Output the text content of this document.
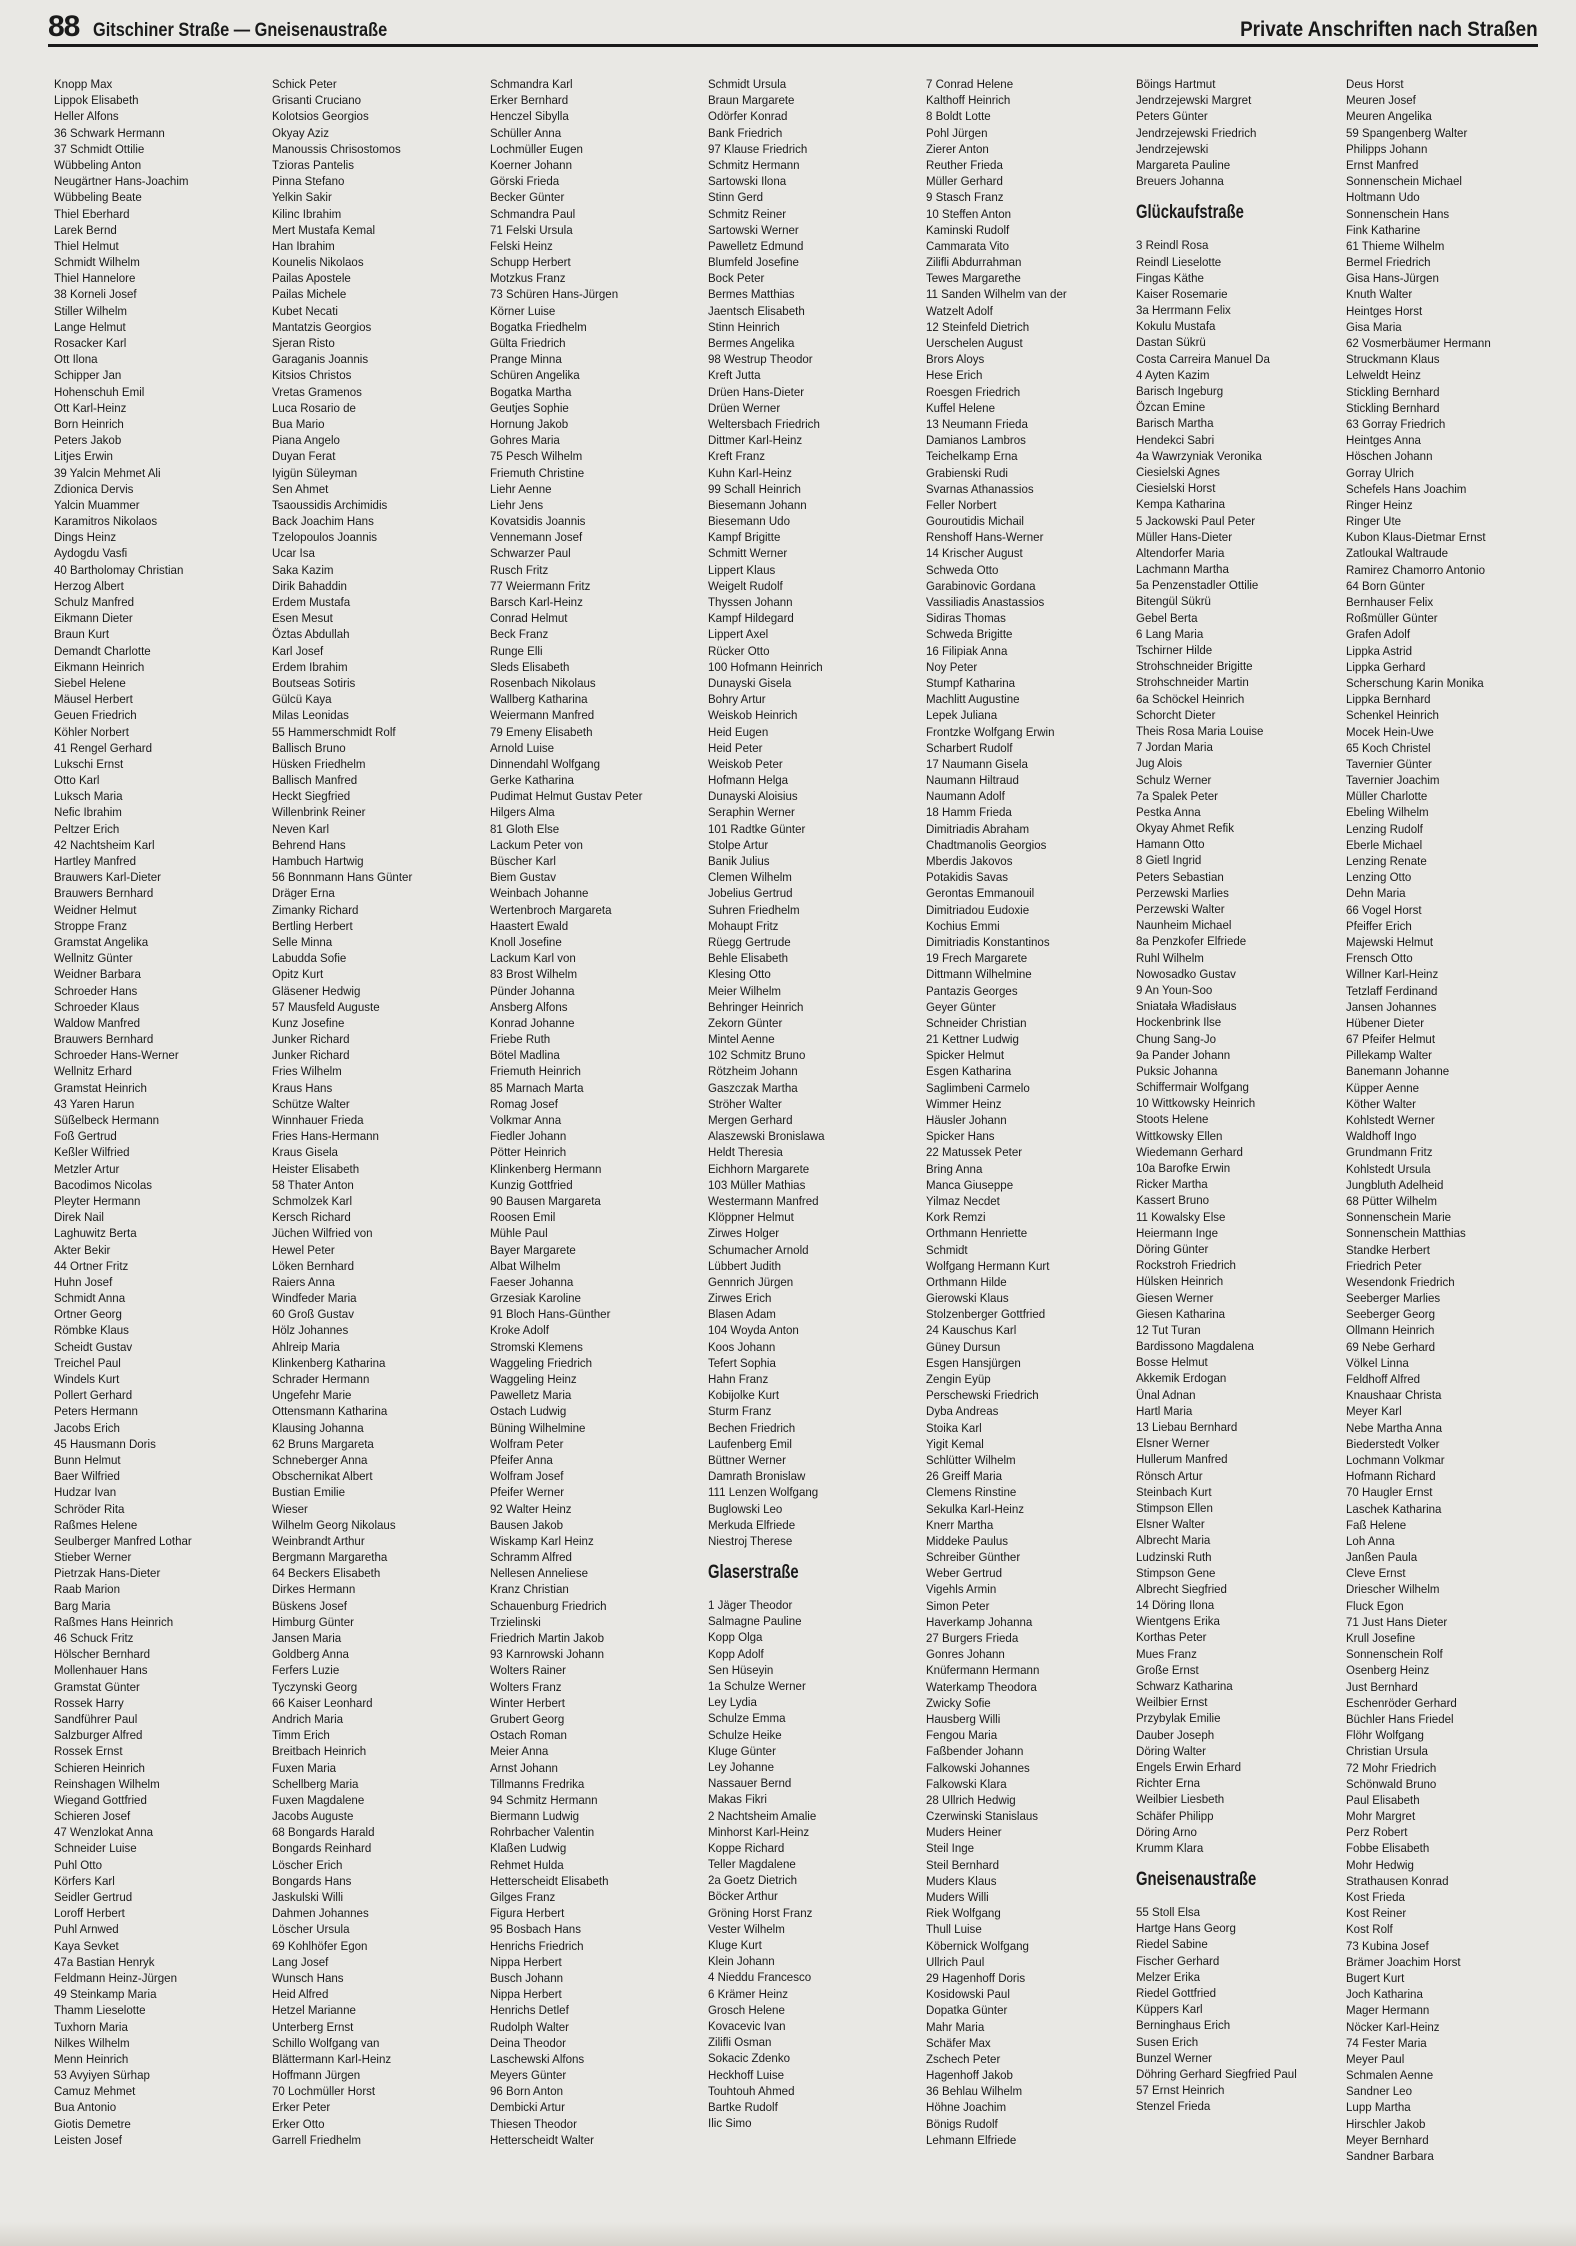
88 Gitschiner Straße — Gneisenaustraße	Private Anschriften nach Straßen
Knopp Max
Lippok Elisabeth
Heller Alfons
36 Schwark Hermann
37 Schmidt Ottilie
Wübbeling Anton
Neugärtner Hans-Joachim
Wübbeling Beate
Thiel Eberhard
Larek Bernd
Thiel Helmut
Schmidt Wilhelm
Thiel Hannelore
38 Korneli Josef
Stiller Wilhelm
Lange Helmut
Rosacker Karl
Ott Ilona
Schipper Jan
Hohenschuh Emil
Ott Karl-Heinz
Born Heinrich
Peters Jakob
Litjes Erwin
39 Yalcin Mehmet Ali
Zdionica Dervis
Yalcin Muammer
Karamitros Nikolaos
Dings Heinz
Aydogdu Vasfi
40 Bartholomay Christian
Herzog Albert
Schulz Manfred
Eikmann Dieter
Braun Kurt
Demandt Charlotte
Eikmann Heinrich
Siebel Helene
Mäusel Herbert
Geuen Friedrich
Köhler Norbert
41 Rengel Gerhard
Lukschi Ernst
Otto Karl
Luksch Maria
Nefic Ibrahim
Peltzer Erich
42 Nachtsheim Karl
Hartley Manfred
Brauwers Karl-Dieter
Brauwers Bernhard
Weidner Helmut
Stroppe Franz
Gramstat Angelika
Wellnitz Günter
Weidner Barbara
Schroeder Hans
Schroeder Klaus
Waldow Manfred
Brauwers Bernhard
Schroeder Hans-Werner
Wellnitz Erhard
Gramstat Heinrich
43 Yaren Harun
Süßelbeck Hermann
Foß Gertrud
Keßler Wilfried
Metzler Artur
Bacodimos Nicolas
Pleyter Hermann
Direk Nail
Laghuwitz Berta
Akter Bekir
44 Ortner Fritz
Huhn Josef
Schmidt Anna
Ortner Georg
Römbke Klaus
Scheidt Gustav
Treichel Paul
Windels Kurt
Pollert Gerhard
Peters Hermann
Jacobs Erich
45 Hausmann Doris
Bunn Helmut
Baer Wilfried
Hudzar Ivan
Schröder Rita
Raßmes Helene
Seulberger Manfred Lothar
Stieber Werner
Pietrzak Hans-Dieter
Raab Marion
Barg Maria
Raßmes Hans Heinrich
46 Schuck Fritz
Hölscher Bernhard
Mollenhauer Hans
Gramstat Günter
Rossek Harry
Sandführer Paul
Salzburger Alfred
Rossek Ernst
Schieren Heinrich
Reinshagen Wilhelm
Wiegand Gottfried
Schieren Josef
47 Wenzlokat Anna
Schneider Luise
Puhl Otto
Körfers Karl
Seidler Gertrud
Loroff Herbert
Puhl Arnwed
Kaya Sevket
47a Bastian Henryk
Feldmann Heinz-Jürgen
49 Steinkamp Maria
Thamm Lieselotte
Tuxhorn Maria
Nilkes Wilhelm
Menn Heinrich
53 Avyiyen Sürhap
Camuz Mehmet
Bua Antonio
Giotis Demetre
Leisten Josef
Schick Peter
Grisanti Cruciano
Kolotsios Georgios
Okyay Aziz
Manoussis Chrisostomos
Tzioras Pantelis
Pinna Stefano
Yelkin Sakir
Kilinc Ibrahim
Mert Mustafa Kemal
Han Ibrahim
Kounelis Nikolaos
Pailas Apostele
Pailas Michele
Kubet Necati
Mantatzis Georgios
Sjeran Risto
Garaganis Joannis
Kitsios Christos
Vretas Gramenos
Luca Rosario de
Bua Mario
Piana Angelo
Duyan Ferat
Iyigün Süleyman
Sen Ahmet
Tsaoussidis Archimidis
Back Joachim Hans
Tzelopoulos Joannis
Ucar Isa
Saka Kazim
Dirik Bahaddin
Erdem Mustafa
Esen Mesut
Öztas Abdullah
Karl Josef
Erdem Ibrahim
Boutseas Sotiris
Gülcü Kaya
Milas Leonidas
55 Hammerschmidt Rolf
Ballisch Bruno
Hüsken Friedhelm
Ballisch Manfred
Heckt Siegfried
Willenbrink Reiner
Neven Karl
Behrend Hans
Hambuch Hartwig
56 Bonnmann Hans Günter
Dräger Erna
Zimanky Richard
Bertling Herbert
Selle Minna
Labudda Sofie
Opitz Kurt
Gläsener Hedwig
57 Mausfeld Auguste
Kunz Josefine
Junker Richard
Junker Richard
Fries Wilhelm
Kraus Hans
Schütze Walter
Winnhauer Frieda
Fries Hans-Hermann
Kraus Gisela
Heister Elisabeth
58 Thater Anton
Schmolzek Karl
Kersch Richard
Jüchen Wilfried von
Hewel Peter
Löken Bernhard
Raiers Anna
Windfeder Maria
60 Groß Gustav
Hölz Johannes
Ahlreip Maria
Klinkenberg Katharina
Schrader Hermann
Ungefehr Marie
Ottensmann Katharina
Klausing Johanna
62 Bruns Margareta
Schneberger Anna
Obschernikat Albert
Bustian Emilie
Wieser
Wilhelm Georg Nikolaus
Weinbrandt Arthur
Bergmann Margaretha
64 Beckers Elisabeth
Dirkes Hermann
Büskens Josef
Himburg Günter
Jansen Maria
Goldberg Anna
Ferfers Luzie
Tyczynski Georg
66 Kaiser Leonhard
Andrich Maria
Timm Erich
Breitbach Heinrich
Fuxen Maria
Schellberg Maria
Fuxen Magdalene
Jacobs Auguste
68 Bongards Harald
Bongards Reinhard
Löscher Erich
Bongards Hans
Jaskulski Willi
Dahmen Johannes
Löscher Ursula
69 Kohlhöfer Egon
Lang Josef
Wunsch Hans
Heid Alfred
Hetzel Marianne
Unterberg Ernst
Schillo Wolfgang van
Blättermann Karl-Heinz
Hoffmann Jürgen
70 Lochmüller Horst
Erker Peter
Erker Otto
Garrell Friedhelm
Schmandra Karl
Erker Bernhard
Henczel Sibylla
Schüller Anna
Lochmüller Eugen
Koerner Johann
Görski Frieda
Becker Günter
Schmandra Paul
71 Felski Ursula
Felski Heinz
Schupp Herbert
Motzkus Franz
73 Schüren Hans-Jürgen
Körner Luise
Bogatka Friedhelm
Gülta Friedrich
Prange Minna
Schüren Angelika
Bogatka Martha
Geutjes Sophie
Hornung Jakob
Gohres Maria
75 Pesch Wilhelm
Friemuth Christine
Liehr Aenne
Liehr Jens
Kovatsidis Joannis
Vennemann Josef
Schwarzer Paul
Rusch Fritz
77 Weiermann Fritz
Barsch Karl-Heinz
Conrad Helmut
Beck Franz
Runge Elli
Sleds Elisabeth
Rosenbach Nikolaus
Wallberg Katharina
Weiermann Manfred
79 Emeny Elisabeth
Arnold Luise
Dinnendahl Wolfgang
Gerke Katharina
Pudimat Helmut Gustav Peter
Hilgers Alma
81 Gloth Else
Lackum Peter von
Büscher Karl
Biem Gustav
Weinbach Johanne
Wertenbroch Margareta
Haastert Ewald
Knoll Josefine
Lackum Karl von
83 Brost Wilhelm
Pünder Johanna
Ansberg Alfons
Konrad Johanne
Friebe Ruth
Bötel Madlina
Friemuth Heinrich
85 Marnach Marta
Romag Josef
Volkmar Anna
Fiedler Johann
Pötter Heinrich
Klinkenberg Hermann
Kunzig Gottfried
90 Bausen Margareta
Roosen Emil
Mühle Paul
Bayer Margarete
Albat Wilhelm
Faeser Johanna
Grzesiak Karoline
91 Bloch Hans-Günther
Kroke Adolf
Stromski Klemens
Waggeling Friedrich
Waggeling Heinz
Pawelletz Maria
Ostach Ludwig
Büning Wilhelmine
Wolfram Peter
Pfeifer Anna
Wolfram Josef
Pfeifer Werner
92 Walter Heinz
Bausen Jakob
Wiskamp Karl Heinz
Schramm Alfred
Nellesen Anneliese
Kranz Christian
Schauenburg Friedrich
Trzielinski
Friedrich Martin Jakob
93 Karnrowski Johann
Wolters Rainer
Wolters Franz
Winter Herbert
Grubert Georg
Ostach Roman
Meier Anna
Arnst Johann
Tillmanns Fredrika
94 Schmitz Hermann
Biermann Ludwig
Rohrbacher Valentin
Klaßen Ludwig
Rehmet Hulda
Hetterscheidt Elisabeth
Gilges Franz
Figura Herbert
95 Bosbach Hans
Henrichs Friedrich
Nippa Herbert
Busch Johann
Nippa Herbert
Henrichs Detlef
Rudolph Walter
Deina Theodor
Laschewski Alfons
Meyers Günter
96 Born Anton
Dembicki Artur
Thiesen Theodor
Hetterscheidt Walter
Schmidt Ursula
Braun Margarete
Odörfer Konrad
Bank Friedrich
97 Klause Friedrich
Schmitz Hermann
Sartowski Ilona
Stinn Gerd
Schmitz Reiner
Sartowski Werner
Pawelletz Edmund
Blumfeld Josefine
Bock Peter
Bermes Matthias
Jaentsch Elisabeth
Stinn Heinrich
Bermes Angelika
98 Westrup Theodor
Kreft Jutta
Drüen Hans-Dieter
Drüen Werner
Weltersbach Friedrich
Dittmer Karl-Heinz
Kreft Franz
Kuhn Karl-Heinz
99 Schall Heinrich
Biesemann Johann
Biesemann Udo
Kampf Brigitte
Schmitt Werner
Lippert Klaus
Weigelt Rudolf
Thyssen Johann
Kampf Hildegard
Lippert Axel
Rücker Otto
100 Hofmann Heinrich
Dunayski Gisela
Bohry Artur
Weiskob Heinrich
Heid Eugen
Heid Peter
Weiskob Peter
Hofmann Helga
Dunayski Aloisius
Seraphin Werner
101 Radtke Günter
Stolpe Artur
Banik Julius
Clemen Wilhelm
Jobelius Gertrud
Suhren Friedhelm
Mohaupt Fritz
Rüegg Gertrude
Behle Elisabeth
Klesing Otto
Meier Wilhelm
Behringer Heinrich
Zekorn Günter
Mintel Aenne
102 Schmitz Bruno
Rötzheim Johann
Gaszczak Martha
Ströher Walter
Mergen Gerhard
Alaszewski Bronislawa
Heldt Theresia
Eichhorn Margarete
103 Müller Mathias
Westermann Manfred
Klöppner Helmut
Zirwes Holger
Schumacher Arnold
Lübbert Judith
Gennrich Jürgen
Zirwes Erich
Blasen Adam
104 Woyda Anton
Koos Johann
Tefert Sophia
Hahn Franz
Kobijolke Kurt
Sturm Franz
Bechen Friedrich
Laufenberg Emil
Büttner Werner
Damrath Bronislaw
111 Lenzen Wolfgang
Buglowski Leo
Merkuda Elfriede
Niestroj Therese
Glaserstraße
1 Jäger Theodor
Salmagne Pauline
Kopp Olga
Kopp Adolf
Sen Hüseyin
1a Schulze Werner
Ley Lydia
Schulze Emma
Schulze Heike
Kluge Günter
Ley Johanne
Nassauer Bernd
Makas Fikri
2 Nachtsheim Amalie
Minhorst Karl-Heinz
Koppe Richard
Teller Magdalene
2a Goetz Dietrich
Böcker Arthur
Gröning Horst Franz
Vester Wilhelm
Kluge Kurt
Klein Johann
4 Nieddu Francesco
6 Krämer Heinz
Grosch Helene
Kovacevic Ivan
Zilifli Osman
Sokacic Zdenko
Heckhoff Luise
Touhtouh Ahmed
Bartke Rudolf
Ilic Simo
7 Conrad Helene
Kalthoff Heinrich
8 Boldt Lotte
Pohl Jürgen
Zierer Anton
Reuther Frieda
Müller Gerhard
9 Stasch Franz
10 Steffen Anton
Kaminski Rudolf
Cammarata Vito
Zilifli Abdurrahman
Tewes Margarethe
11 Sanden Wilhelm van der
Watzelt Adolf
12 Steinfeld Dietrich
Uerschelen August
Brors Aloys
Hese Erich
Roesgen Friedrich
Kuffel Helene
13 Neumann Frieda
Damianos Lambros
Teichelkamp Erna
Grabienski Rudi
Svarnas Athanassios
Feller Norbert
Gouroutidis Michail
Renshoff Hans-Werner
14 Krischer August
Schweda Otto
Garabinovic Gordana
Vassiliadis Anastassios
Sidiras Thomas
Schweda Brigitte
16 Filipiak Anna
Noy Peter
Stumpf Katharina
Machlitt Augustine
Lepek Juliana
Frontzke Wolfgang Erwin
Scharbert Rudolf
17 Naumann Gisela
Naumann Hiltraud
Naumann Adolf
18 Hamm Frieda
Dimitriadis Abraham
Chadtmanolis Georgios
Mberdis Jakovos
Potakidis Savas
Gerontas Emmanouil
Dimitriadou Eudoxie
Kochius Emmi
Dimitriadis Konstantinos
19 Frech Margarete
Dittmann Wilhelmine
Pantazis Georges
Geyer Günter
Schneider Christian
21 Kettner Ludwig
Spicker Helmut
Esgen Katharina
Saglimbeni Carmelo
Wimmer Heinz
Häusler Johann
Spicker Hans
22 Matussek Peter
Bring Anna
Manca Giuseppe
Yilmaz Necdet
Kork Remzi
Orthmann Henriette
Schmidt
Wolfgang Hermann Kurt
Orthmann Hilde
Gierowski Klaus
Stolzenberger Gottfried
24 Kauschus Karl
Güney Dursun
Esgen Hansjürgen
Zengin Eyüp
Perschewski Friedrich
Dyba Andreas
Stoika Karl
Yigit Kemal
Schlütter Wilhelm
26 Greiff Maria
Clemens Rinstine
Sekulka Karl-Heinz
Knerr Martha
Middeke Paulus
Schreiber Günther
Weber Gertrud
Vigehls Armin
Simon Peter
Haverkamp Johanna
27 Burgers Frieda
Gonres Johann
Knüfermann Hermann
Waterkamp Theodora
Zwicky Sofie
Hausberg Willi
Fengou Maria
Faßbender Johann
Falkowski Johannes
Falkowski Klara
28 Ullrich Hedwig
Czerwinski Stanislaus
Muders Heiner
Steil Inge
Steil Bernhard
Muders Klaus
Muders Willi
Riek Wolfgang
Thull Luise
Köbernick Wolfgang
Ullrich Paul
29 Hagenhoff Doris
Kosidowski Paul
Dopatka Günter
Mahr Maria
Schäfer Max
Zschech Peter
Hagenhoff Jakob
36 Behlau Wilhelm
Höhne Joachim
Bönigs Rudolf
Lehmann Elfriede
Böings Hartmut
Jendrzejewski Margret
Peters Günter
Jendrzejewski Friedrich
Jendrzejewski
Margareta Pauline
Breuers Johanna
Glückaufstraße
3 Reindl Rosa
Reindl Lieselotte
Fingas Käthe
Kaiser Rosemarie
3a Herrmann Felix
Kokulu Mustafa
Dastan Sükrü
Costa Carreira Manuel Da
4 Ayten Kazim
Barisch Ingeburg
Özcan Emine
Barisch Martha
Hendekci Sabri
4a Wawrzyniak Veronika
Ciesielski Agnes
Ciesielski Horst
Kempa Katharina
5 Jackowski Paul Peter
Müller Hans-Dieter
Altendorfer Maria
Lachmann Martha
5a Penzenstadler Ottilie
Bitengül Sükrü
Gebel Berta
6 Lang Maria
Tschirner Hilde
Strohschneider Brigitte
Strohschneider Martin
6a Schöckel Heinrich
Schorcht Dieter
Theis Rosa Maria Louise
7 Jordan Maria
Jug Alois
Schulz Werner
7a Spalek Peter
Pestka Anna
Okyay Ahmet Refik
Hamann Otto
8 Gietl Ingrid
Peters Sebastian
Perzewski Marlies
Perzewski Walter
Naunheim Michael
8a Penzkofer Elfriede
Ruhl Wilhelm
Nowosadko Gustav
9 An Youn-Soo
Sniatała Władisłaus
Hockenbrink Ilse
Chung Sang-Jo
9a Pander Johann
Puksic Johanna
Schiffermair Wolfgang
10 Wittkowsky Heinrich
Stoots Helene
Wittkowsky Ellen
Wiedemann Gerhard
10a Barofke Erwin
Ricker Martha
Kassert Bruno
11 Kowalsky Else
Heiermann Inge
Döring Günter
Rockstroh Friedrich
Hülsken Heinrich
Giesen Werner
Giesen Katharina
12 Tut Turan
Bardissono Magdalena
Bosse Helmut
Akkemik Erdogan
Ünal Adnan
Hartl Maria
13 Liebau Bernhard
Elsner Werner
Hullerum Manfred
Rönsch Artur
Steinbach Kurt
Stimpson Ellen
Elsner Walter
Albrecht Maria
Ludzinski Ruth
Stimpson Gene
Albrecht Siegfried
14 Döring Ilona
Wientgens Erika
Korthas Peter
Mues Franz
Große Ernst
Schwarz Katharina
Weilbier Ernst
Przybylak Emilie
Dauber Joseph
Döring Walter
Engels Erwin Erhard
Richter Erna
Weilbier Liesbeth
Schäfer Philipp
Döring Arno
Krumm Klara
Gneisenaustraße
55 Stoll Elsa
Hartge Hans Georg
Riedel Sabine
Fischer Gerhard
Melzer Erika
Riedel Gottfried
Küppers Karl
Berninghaus Erich
Susen Erich
Bunzel Werner
Döhring Gerhard Siegfried Paul
57 Ernst Heinrich
Stenzel Frieda
Deus Horst
Meuren Josef
Meuren Angelika
59 Spangenberg Walter
Philipps Johann
Ernst Manfred
Sonnenschein Michael
Holtmann Udo
Sonnenschein Hans
Fink Katharine
61 Thieme Wilhelm
Bermel Friedrich
Gisa Hans-Jürgen
Knuth Walter
Heintges Horst
Gisa Maria
62 Vosmerbäumer Hermann
Struckmann Klaus
Lelweldt Heinz
Stickling Bernhard
Stickling Bernhard
63 Gorray Friedrich
Heintges Anna
Höschen Johann
Gorray Ulrich
Schefels Hans Joachim
Ringer Heinz
Ringer Ute
Kubon Klaus-Dietmar Ernst
Zatloukal Waltraude
Ramirez Chamorro Antonio
64 Born Günter
Bernhauser Felix
Roßmüller Günter
Grafen Adolf
Lippka Astrid
Lippka Gerhard
Scherschung Karin Monika
Lippka Bernhard
Schenkel Heinrich
Mocek Hein-Uwe
65 Koch Christel
Tavernier Günter
Tavernier Joachim
Müller Charlotte
Ebeling Wilhelm
Lenzing Rudolf
Eberle Michael
Lenzing Renate
Lenzing Otto
Dehn Maria
66 Vogel Horst
Pfeiffer Erich
Majewski Helmut
Frensch Otto
Willner Karl-Heinz
Tetzlaff Ferdinand
Jansen Johannes
Hübener Dieter
67 Pfeifer Helmut
Pillekamp Walter
Banemann Johanne
Küpper Aenne
Köther Walter
Kohlstedt Werner
Waldhoff Ingo
Grundmann Fritz
Kohlstedt Ursula
Jungbluth Adelheid
68 Pütter Wilhelm
Sonnenschein Marie
Sonnenschein Matthias
Standke Herbert
Friedrich Peter
Wesendonk Friedrich
Seeberger Marlies
Seeberger Georg
Ollmann Heinrich
69 Nebe Gerhard
Völkel Linna
Feldhoff Alfred
Knaushaar Christa
Meyer Karl
Nebe Martha Anna
Biederstedt Volker
Lochmann Volkmar
Hofmann Richard
70 Haugler Ernst
Laschek Katharina
Faß Helene
Loh Anna
Janßen Paula
Cleve Ernst
Driescher Wilhelm
Fluck Egon
71 Just Hans Dieter
Krull Josefine
Sonnenschein Rolf
Osenberg Heinz
Just Bernhard
Eschenröder Gerhard
Büchler Hans Friedel
Flöhr Wolfgang
Christian Ursula
72 Mohr Friedrich
Schönwald Bruno
Paul Elisabeth
Mohr Margret
Perz Robert
Fobbe Elisabeth
Mohr Hedwig
Strathausen Konrad
Kost Frieda
Kost Reiner
Kost Rolf
73 Kubina Josef
Brämer Joachim Horst
Bugert Kurt
Joch Katharina
Mager Hermann
Nöcker Karl-Heinz
74 Fester Maria
Meyer Paul
Schmalen Aenne
Sandner Leo
Lupp Martha
Hirschler Jakob
Meyer Bernhard
Sandner Barbara
